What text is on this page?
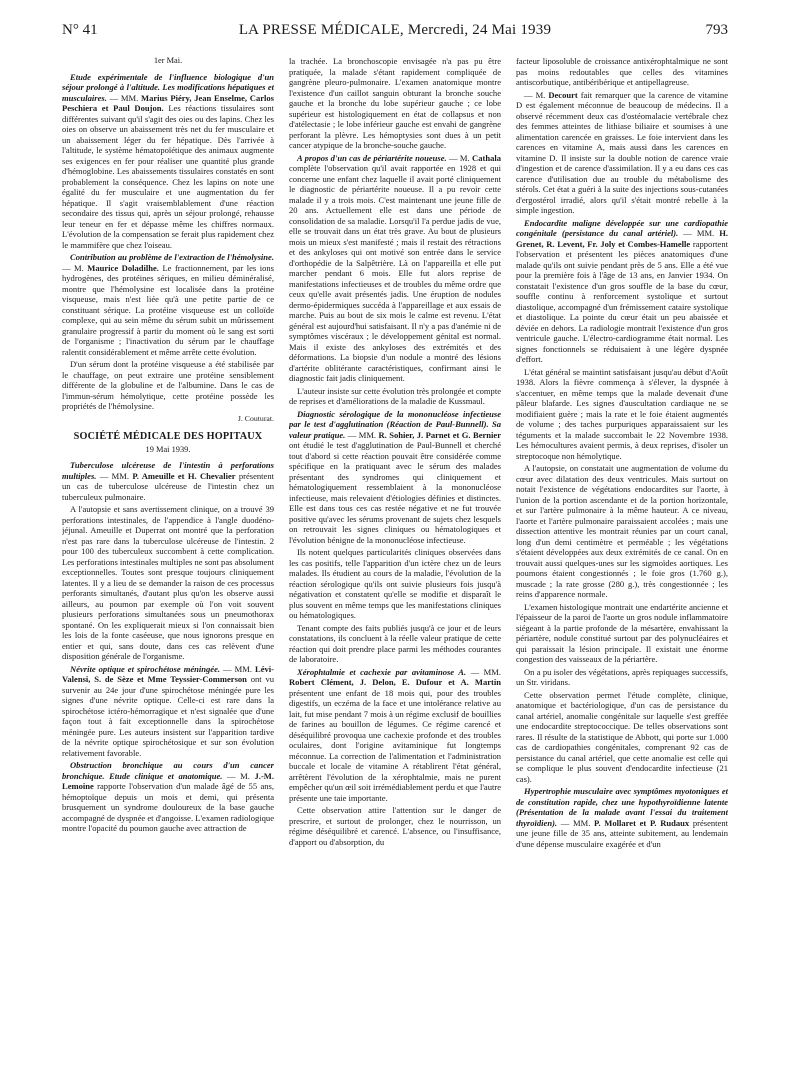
N° 41	LA PRESSE MÉDICALE, Mercredi, 24 Mai 1939	793
1er Mai.

Etude expérimentale de l'influence biologique d'un séjour prolongé à l'altitude. Les modifications hépatiques et musculaires. — MM. Marius Piéry, Jean Enselme, Carlos Peschiera et Paul Doujon. Les réactions tissulaires sont différentes suivant qu'il s'agit des oies ou des lapins. Chez les oies on observe un abaissement très net du fer musculaire et un abaissement léger du fer hépatique. Dès l'arrivée à l'altitude, le système hématopoïétique des animaux augmente ses exigences en fer pour réaliser une quantité plus grande d'hémoglobine. Les abaissements tissulaires constatés en sont probablement la conséquence. Chez les lapins on note une égalité du fer musculaire et une augmentation du fer hépatique. Il s'agit vraisemblablement d'une réaction secondaire des tissus qui, après un séjour prolongé, rehausse leur teneur en fer et dépasse même les chiffres normaux. L'évolution de la compensation se ferait plus rapidement chez le mammifère que chez l'oiseau.

Contribution au problème de l'extraction de l'hémolysine. — M. Maurice Doladilhe. Le fractionnement, par les ions hydrogènes, des protéines sériques, en milieu déminéralisé, montre que l'hémolysine est localisée dans la protéine visqueuse, mais n'est liée qu'à une petite partie de ce constituant sérique. La protéine visqueuse est un colloïde complexe, qui au sein même du sérum subit un mûrissement granulaire progressif à partir du moment où le sang est sorti de l'organisme ; l'inactivation du sérum par le chauffage ralentit considérablement et même arrête cette évolution.

D'un sérum dont la protéine visqueuse a été stabilisée par le chauffage, on peut extraire une protéine sensiblement différente de la globuline et de l'albumine. Dans le cas de l'immun-sérum hémolytique, cette protéine possède les propriétés de l'hémolysine.

J. Couturat.
SOCIÉTÉ MÉDICALE DES HOPITAUX
19 Mai 1939.

Tuberculose ulcéreuse de l'intestin à perforations multiples. — MM. P. Ameuille et H. Chevalier présentent un cas de tuberculose ulcéreuse de l'intestin chez un tuberculeux pulmonaire.

A l'autopsie et sans avertissement clinique, on a trouvé 39 perforations intestinales, de l'appendice à l'angle duodéno-jéjunal. Ameuille et Duperrat ont montré que la perforation n'est pas rare dans la tuberculose ulcéreuse de l'intestin. 2 pour 100 des tuberculeux succombent à cette complication. Les perforations intestinales multiples ne sont pas absolument exceptionnelles. Toutes sont presque toujours cliniquement latentes. Il y a lieu de se demander la raison de ces processus perforants simultanés, d'autant plus qu'on les observe aussi ailleurs, au poumon par exemple où l'on voit souvent plusieurs perforations simultanées sous un pneumothorax spontané. On les expliquerait mieux si l'on connaissait bien les lois de la fonte caséeuse, que nous ignorons presque en entier et qui, sans doute, dans ces cas relèvent d'une disposition générale de l'organisme.

Névrite optique et spirochétose méningée. — MM. Lévi-Valensi, S. de Sèze et Mme Teyssier-Commerson ont vu survenir au 24e jour d'une spirochétose méningée pure les signes d'une névrite optique. Celle-ci est rare dans la spirochétose ictéro-hémorragique et n'est signalée que d'une façon tout à fait exceptionnelle dans la spirochétose méningée pure. Les auteurs insistent sur l'apparition tardive de la névrite optique spirochétosique et sur son évolution relativement favorable.

Obstruction bronchique au cours d'un cancer bronchique. Etude clinique et anatomique. — M. J.-M. Lemoine rapporte l'observation d'un malade âgé de 55 ans, hémoptoïque depuis un mois et demi, qui présenta brusquement un syndrome douloureux de la base gauche accompagné de dyspnée et d'angoisse. L'examen radiologique montre l'opacité du poumon gauche avec attraction de

la trachée. La bronchoscopie envisagée n'a pas pu être pratiquée, la malade s'étant rapidement compliquée de gangrène pleuro-pulmonaire. L'examen anatomique montre l'existence d'un caillot sanguin obturant la bronche souche gauche et la bronche du lobe supérieur gauche ; ce lobe supérieur est histologiquement en état de collapsus et non d'atélectasie ; le lobe inférieur gauche est envahi de gangrène perforant la plèvre. Les hémoptysies sont dues à un petit cancer atypique de la bronche-souche gauche.

A propos d'un cas de périartérite noueuse. — M. Cathala complète l'observation qu'il avait rapportée en 1928 et qui concerne une enfant chez laquelle il avait porté cliniquement le diagnostic de périartérite noueuse. Il a pu revoir cette malade il y a trois mois. C'est maintenant une jeune fille de 20 ans. Actuellement elle est dans une période de consolidation de sa maladie. Lorsqu'il l'a perdue jadis de vue, elle se trouvait dans un état très grave. Au bout de plusieurs mois un mieux s'est manifesté ; mais il restait des rétractions et des ankyloses qui ont motivé son entrée dans le service d'orthopédie de la Salpêtrière. Là on l'appareilla et elle put marcher pendant 6 mois. Elle fut alors reprise de manifestations infectieuses et de troubles du même ordre que ceux qu'elle avait présentés jadis. Une éruption de nodules dermo-épidermiques succéda à l'appareillage et aux essais de marche. Puis au bout de six mois le calme est revenu. L'état général est aujourd'hui satisfaisant. Il n'y a pas d'anémie ni de symptômes viscéraux ; le développement génital est normal. Mais il existe des ankyloses des extrémités et des déformations. La biopsie d'un nodule a montré des lésions d'artérite oblitérante caractéristiques, confirmant ainsi le diagnostic fait jadis cliniquement.

L'auteur insiste sur cette évolution très prolongée et compte de reprises et d'améliorations de la maladie de Kussmaul.

Diagnostic sérologique de la mononucléose infectieuse par le test d'agglutination (Réaction de Paul-Bunnell). Sa valeur pratique. — MM. R. Sohier, J. Parnet et G. Bernier ont étudié le test d'agglutination de Paul-Bunnell et cherché tout d'abord si cette réaction pouvait être considérée comme spécifique en la pratiquant avec le sérum des malades présentant des syndromes qui cliniquement et hématologiquement ressemblaient à la mononucléose infectieuse, mais relevaient d'étiologies définies et distinctes. Elle est dans tous ces cas restée négative et ne fut trouvée positive qu'avec les sérums provenant de sujets chez lesquels on retrouvait les signes cliniques ou hématologiques et l'évolution bénigne de la mononucléose infectieuse.

Ils notent quelques particularités cliniques observées dans les cas positifs, telle l'apparition d'un ictère chez un de leurs malades. Ils étudient au cours de la maladie, l'évolution de la réaction sérologique qu'ils ont suivie plusieurs fois jusqu'à négativation et constatent qu'elle se modifie et disparaît le plus souvent en même temps que les manifestations cliniques ou hématologiques.

Tenant compte des faits publiés jusqu'à ce jour et de leurs constatations, ils concluent à la réelle valeur pratique de cette réaction qui doit prendre place parmi les méthodes courantes de laboratoire.

Xérophtalmie et cachexie par avitaminose A. — MM. Robert Clément, J. Delon, E. Dufour et A. Martin présentent une enfant de 18 mois qui, pour des troubles digestifs, un eczéma de la face et une intolérance relative au lait, fut mise pendant 7 mois à un régime exclusif de bouillies de farines au bouillon de légumes. Ce régime carencé et déséquilibré provoqua une cachexie profonde et des troubles oculaires, dont l'origine avitaminique fut longtemps méconnue. La correction de l'alimentation et l'administration buccale et locale de vitamine A rétablirent l'état général, arrêtèrent l'évolution de la xérophtalmie, mais ne purent empêcher qu'un œil soit irrémédiablement perdu et que l'autre présente une taie importante.

Cette observation attire l'attention sur le danger de prescrire, et surtout de prolonger, chez le nourrisson, un régime déséquilibré et carencé. L'absence, ou l'insuffisance, d'apport ou d'absorption, du

facteur liposoluble de croissance antixérophtalmique ne sont pas moins redoutables que celles des vitamines antiscorbutique, antibéribérique et antipellagreuse.

— M. Decourt fait remarquer que la carence de vitamine D est également méconnue de beaucoup de médecins. Il a observé récemment deux cas d'ostéomalacie vertébrale chez des femmes atteintes de lithiase biliaire et soumises à une alimentation carencée en graisses. Le foie intervient dans les carences en vitamine A, mais aussi dans les carences en vitamine D. Il insiste sur la double notion de carence vraie d'ingestion et de carence d'assimilation. Il y a eu dans ces cas carence d'utilisation due au trouble du métabolisme des stérols. Cet état a guéri à la suite des injections sous-cutanées d'ergostérol irradié, alors qu'il s'était montré rebelle à la simple ingestion.

Endocardite maligne développée sur une cardiopathie congénitale (persistance du canal artériel). — MM. H. Grenet, R. Levent, Fr. Joly et Combes-Hamelle rapportent l'observation et présentent les pièces anatomiques d'une malade qu'ils ont suivie pendant près de 5 ans. Elle a été vue pour la première fois à l'âge de 13 ans, en Janvier 1934. On constatait l'existence d'un gros souffle de la base du cœur, souffle continu à renforcement systolique et surtout diastolique, accompagné d'un frémissement cataire systolique et diastolique. La pointe du cœur était un peu abaissée et déviée en dehors. La radiologie montrait l'existence d'un gros ventricule gauche. L'électro-cardiogramme était normal. Les signes fonctionnels se réduisaient à une légère dyspnée d'effort.

L'état général se maintint satisfaisant jusqu'au début d'Août 1938. Alors la fièvre commença à s'élever, la dyspnée à s'accentuer, en même temps que la malade devenait d'une pâleur blafarde. Les signes d'auscultation cardiaque ne se modifiaient guère ; mais la rate et le foie étaient augmentés de volume ; des taches purpuriques apparaissaient sur les téguments et la malade succombait le 22 Novembre 1938. Les hémocultures avaient permis, à deux reprises, d'isoler un streptocoque non hémolytique.

A l'autopsie, on constatait une augmentation de volume du cœur avec dilatation des deux ventricules. Mais surtout on notait l'existence de végétations endocardites sur l'aorte, à l'union de la portion ascendante et de la portion horizontale, et sur l'artère pulmonaire à la même hauteur. A ce niveau, l'aorte et l'artère pulmonaire paraissaient accolées ; mais une dissection attentive les montrait réunies par un court canal, long d'un demi centimètre et perméable ; les végétations s'étaient développées aux deux extrémités de ce canal. On en trouvait aussi quelques-unes sur les sigmoïdes aortiques. Les poumons étaient congestionnés ; le foie gros (1.760 g.), muscade ; la rate grosse (280 g.), très congestionnée ; les reins d'apparence normale.

L'examen histologique montrait une endartérite ancienne et l'épaisseur de la paroi de l'aorte un gros nodule inflammatoire siégeant à la partie profonde de la mésartère, envahissant la périartère, nodule constitué surtout par des polynucléaires et qui paraissait la lésion principale. Il existait une énorme congestion des vaisseaux de la périartère.

On a pu isoler des végétations, après repiquages successifs, un Str. viridans.

Cette observation permet l'étude complète, clinique, anatomique et bactériologique, d'un cas de persistance du canal artériel, anomalie congénitale sur laquelle s'est greffée une endocardite streptococcique. De telles observations sont rares. Il résulte de la statistique de Abbott, qui porte sur 1.000 cas de cardiopathies congénitales, comprenant 92 cas de persistance du canal artériel, que cette anomalie est celle qui se complique le plus souvent d'endocardite infectieuse (21 cas).

Hypertrophie musculaire avec symptômes myotoniques et de constitution rapide, chez une hypothyroïdienne latente (Présentation de la malade avant l'essai du traitement thyroïdien). — MM. P. Mollaret et P. Rudaux présentent une jeune fille de 35 ans, atteinte subitement, au lendemain d'une dépense musculaire exagérée et d'un
